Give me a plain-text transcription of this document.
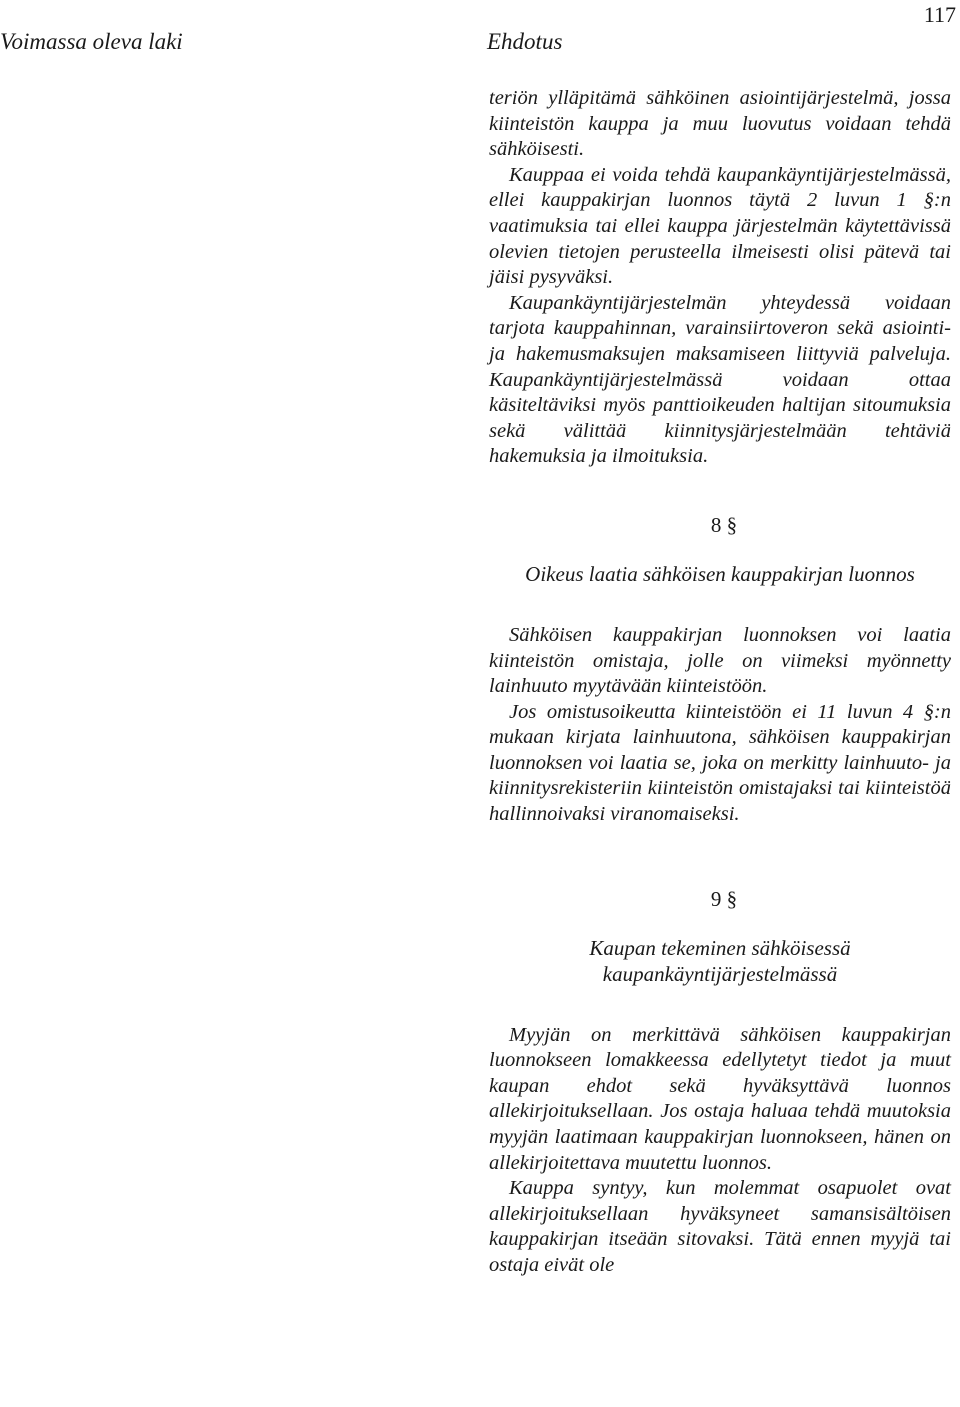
Voimassa oleva laki	Ehdotus
117

teriön ylläpitämä sähköinen asiointijärjestelmä, jossa kiinteistön kauppa ja muu luovutus voidaan tehdä sähköisesti.

Kauppaa ei voida tehdä kaupankäyntijärjestelmässä, ellei kauppakirjan luonnos täytä 2 luvun 1 §:n vaatimuksia tai ellei kauppa järjestelmän käytettävissä olevien tietojen perusteella ilmeisesti olisi pätevä tai jäisi pysyväksi.

Kaupankäyntijärjestelmän yhteydessä voidaan tarjota kauppahinnan, varainsiirtoveron sekä asiointi- ja hakemusmaksujen maksamiseen liittyviä palveluja. Kaupankäyntijärjestelmässä voidaan ottaa käsiteltäviksi myös panttioikeuden haltijan sitoumuksia sekä välittää kiinnitysjärjestelmään tehtäviä hakemuksia ja ilmoituksia.

8 §

Oikeus laatia sähköisen kauppakirjan luonnos

Sähköisen kauppakirjan luonnoksen voi laatia kiinteistön omistaja, jolle on viimeksi myönnetty lainhuuto myytävään kiinteistöön.

Jos omistusoikeutta kiinteistöön ei 11 luvun 4 §:n mukaan kirjata lainhuutona, sähköisen kauppakirjan luonnoksen voi laatia se, joka on merkitty lainhuuto- ja kiinnitysrekisteriin kiinteistön omistajaksi tai kiinteistöä hallinnoivaksi viranomaiseksi.

9 §

Kaupan tekeminen sähköisessä kaupankäyntijärjestelmässä

Myyjän on merkittävä sähköisen kauppakirjan luonnokseen lomakkeessa edellytetyt tiedot ja muut kaupan ehdot sekä hyväksyttävä luonnos allekirjoituksellaan. Jos ostaja haluaa tehdä muutoksia myyjän laatimaan kauppakirjan luonnokseen, hänen on allekirjoitettava muutettu luonnos.

Kauppa syntyy, kun molemmat osapuolet ovat allekirjoituksellaan hyväksyneet samansisältöisen kauppakirjan itseään sitovaksi. Tätä ennen myyjä tai ostaja eivät ole
